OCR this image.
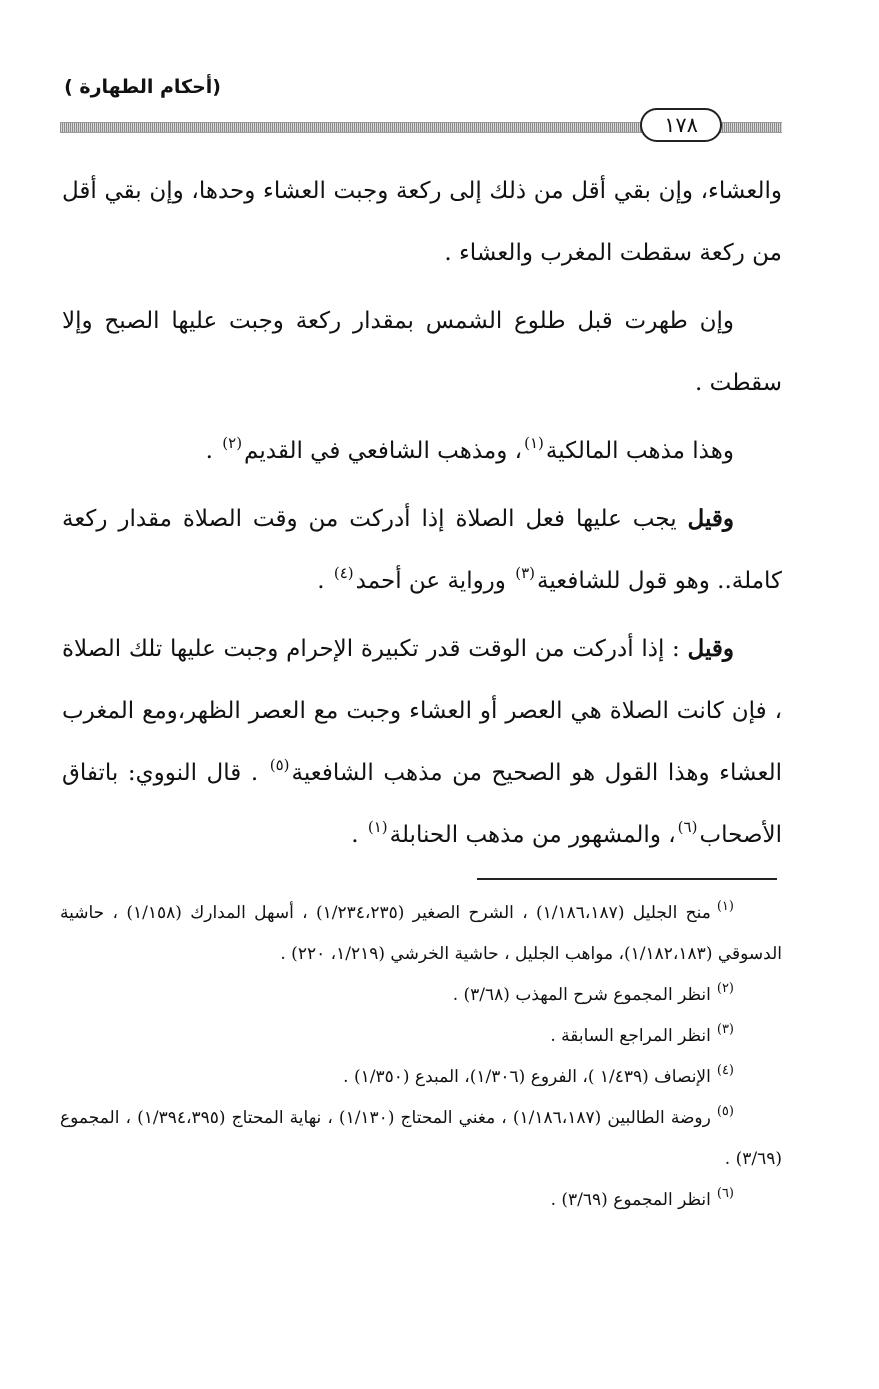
(أحكام الطهارة )
١٧٨

والعشاء، وإن بقي أقل من ذلك إلى ركعة وجبت العشاء وحدها، وإن بقي أقل من ركعة سقطت المغرب والعشاء .

وإن طهرت قبل طلوع الشمس بمقدار ركعة وجبت عليها الصبح وإلا سقطت .

وهذا مذهب المالكية$^{(١)}$، ومذهب الشافعي في القديم$^{(٢)}$ .

وقيل يجب عليها فعل الصلاة إذا أدركت من وقت الصلاة مقدار ركعة كاملة.. وهو قول للشافعية$^{(٣)}$ ورواية عن أحمد$^{(٤)}$ .

وقيل : إذا أدركت من الوقت قدر تكبيرة الإحرام وجبت عليها تلك الصلاة ، فإن كانت الصلاة هي العصر أو العشاء وجبت مع العصر الظهر،ومع المغرب العشاء وهذا القول هو الصحيح من مذهب الشافعية$^{(٥)}$ . قال النووي: باتفاق الأصحاب$^{(٦)}$، والمشهور من مذهب الحنابلة$^{(١)}$ .

$^{(١)}$منح الجليل (١/١٨٦،١٨٧) ، الشرح الصغير (١/٢٣٤،٢٣٥) ، أسهل المدارك (١/١٥٨) ، حاشية الدسوقي (١/١٨٢،١٨٣)، مواهب الجليل ، حاشية الخرشي (١/٢١٩، ٢٢٠) .

$^{(٢)}$انظر المجموع شرح المهذب (٣/٦٨) .

$^{(٣)}$انظر المراجع السابقة .

$^{(٤)}$الإنصاف (١/٤٣٩ )، الفروع (١/٣٠٦)، المبدع (١/٣٥٠) .

$^{(٥)}$روضة الطالبين (١/١٨٦،١٨٧) ، مغني المحتاج (١/١٣٠) ، نهاية المحتاج (١/٣٩٤،٣٩٥) ، المجموع (٣/٦٩) .

$^{(٦)}$انظر المجموع (٣/٦٩) .
